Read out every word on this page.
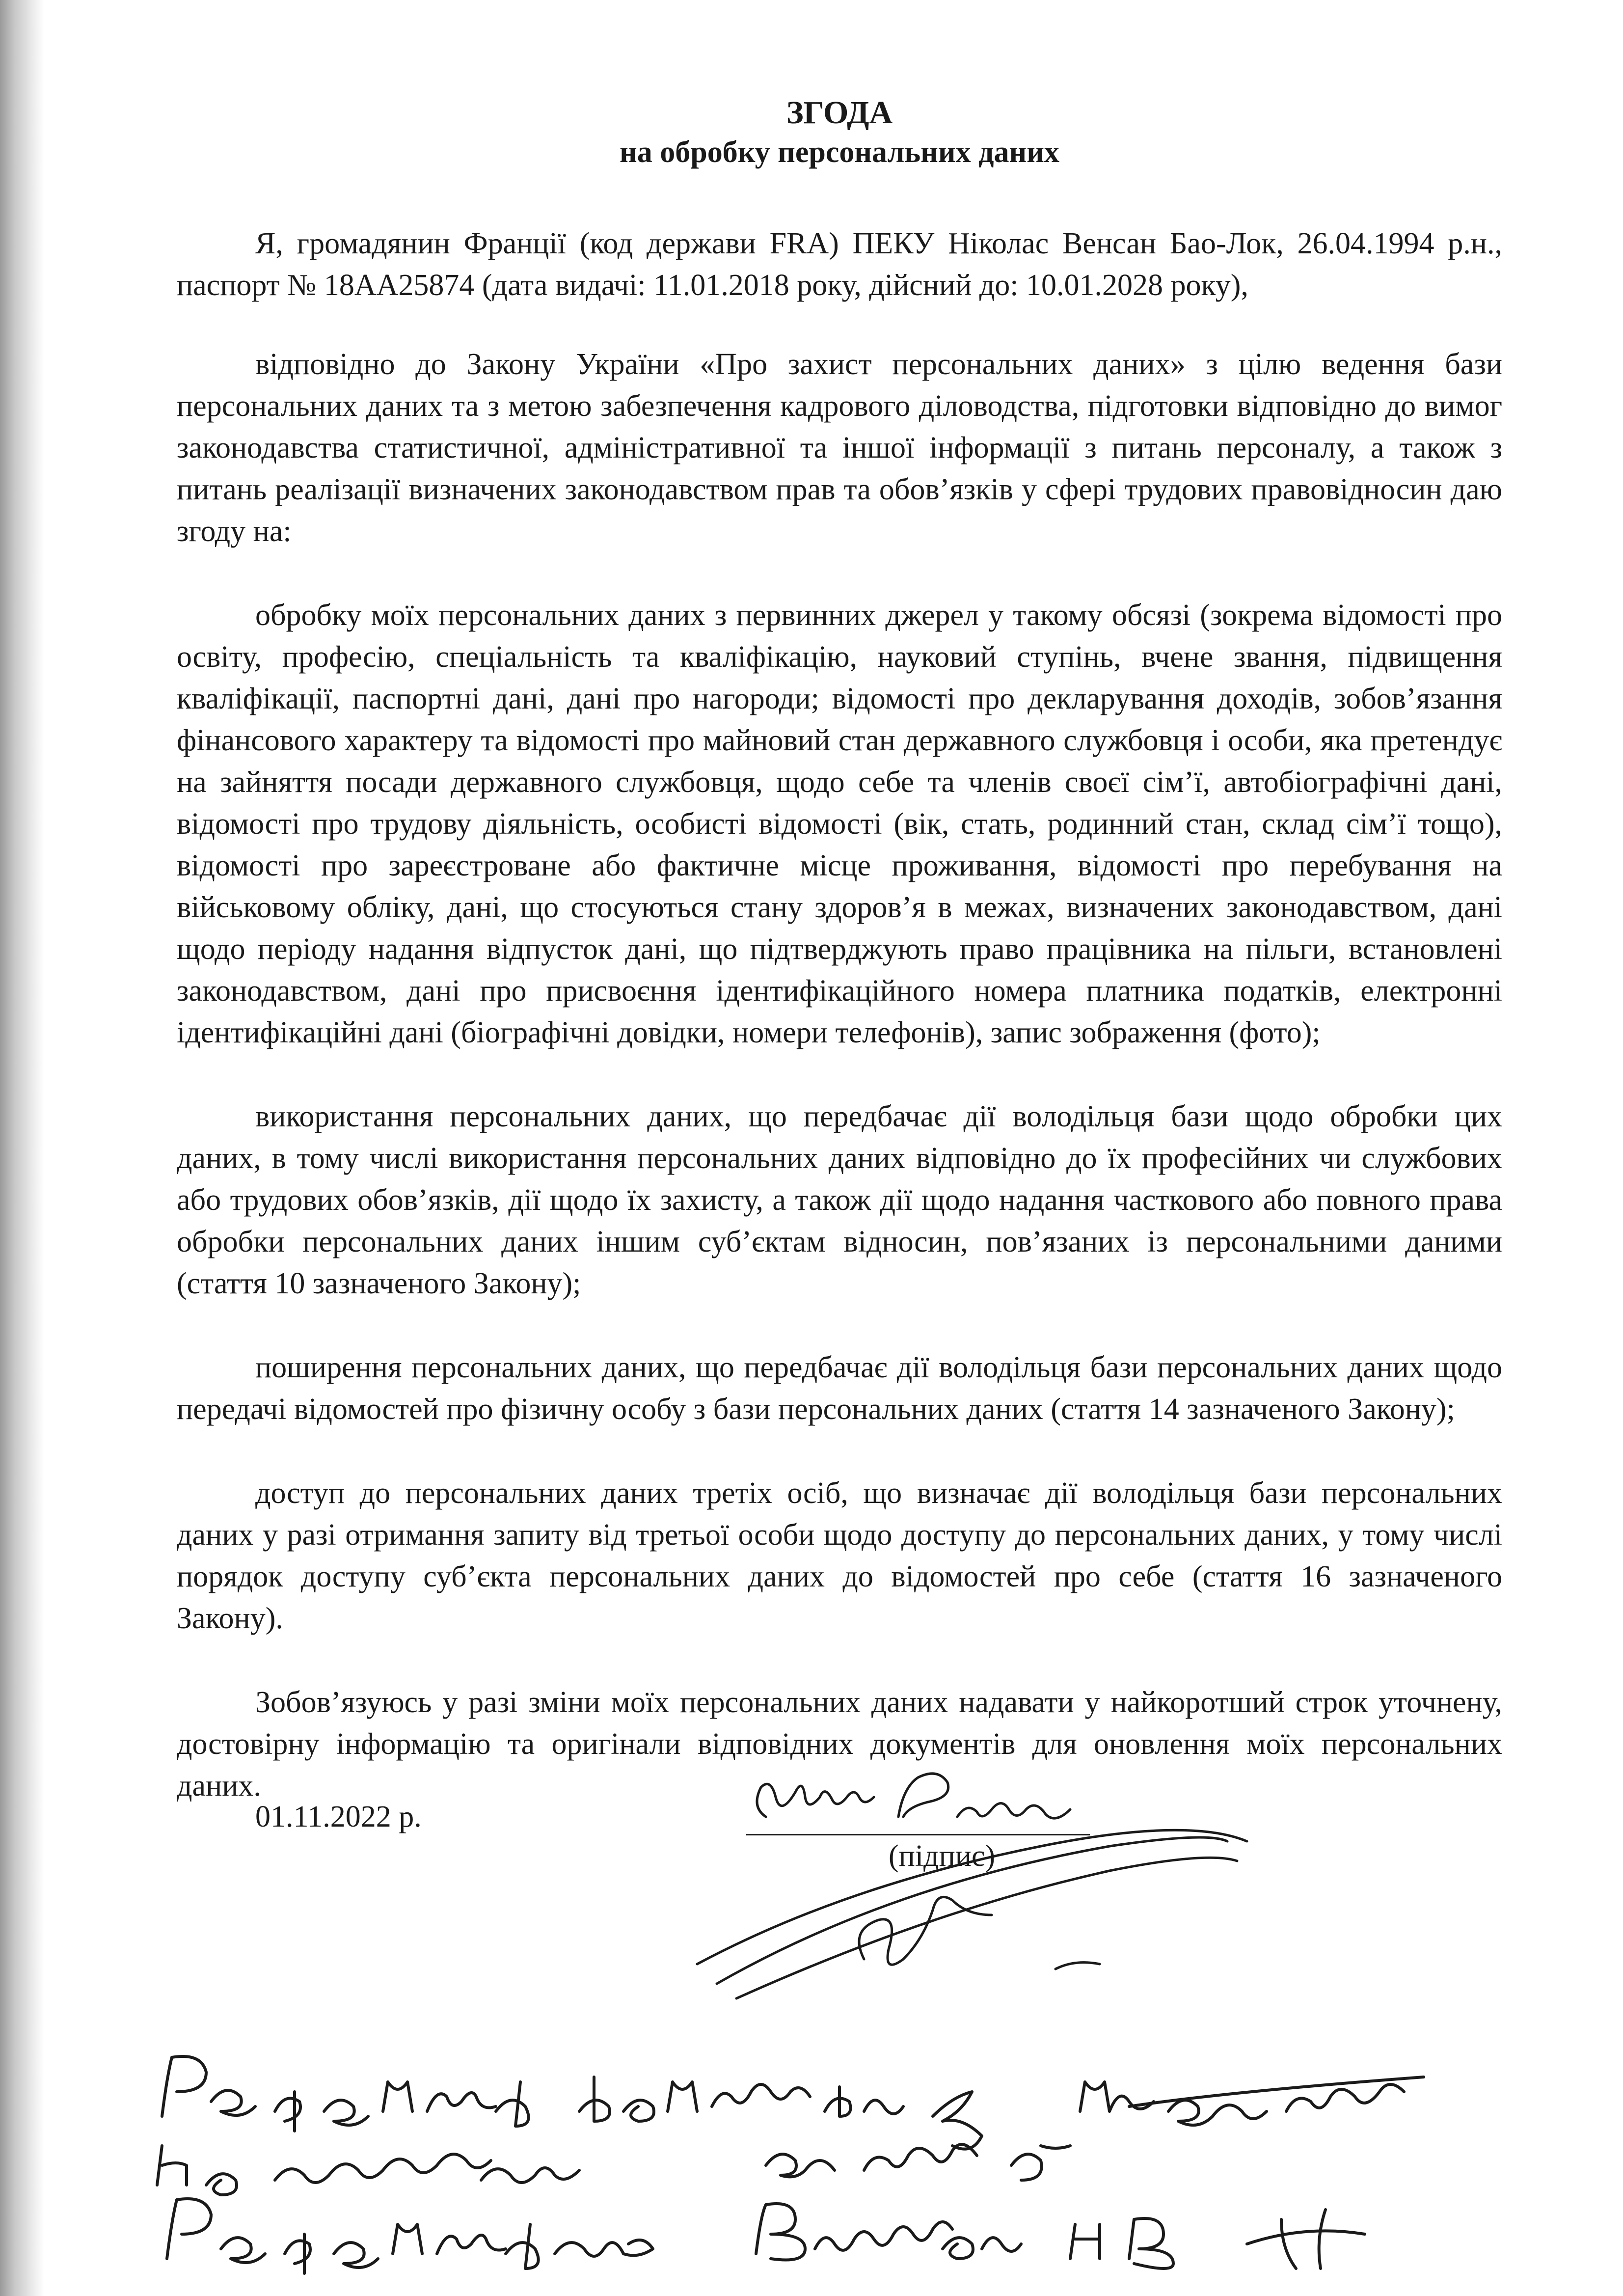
ЗГОДА

на обробку персональних даних

Я, громадянин Франції (код держави FRA) ПЕКУ Ніколас Венсан Бао-Лок, 26.04.1994 р.н., паспорт № 18АА25874 (дата видачі: 11.01.2018 року, дійсний до: 10.01.2028 року),

відповідно до Закону України «Про захист персональних даних» з цілю ведення бази персональних даних та з метою забезпечення кадрового діловодства, підготовки відповідно до вимог законодавства статистичної, адміністративної та іншої інформації з питань персоналу, а також з питань реалізації визначених законодавством прав та обов’язків у сфері трудових правовідносин даю згоду на:

обробку моїх персональних даних з первинних джерел у такому обсязі (зокрема відомості про освіту, професію, спеціальність та кваліфікацію, науковий ступінь, вчене звання, підвищення кваліфікації, паспортні дані, дані про нагороди; відомості про декларування доходів, зобов’язання фінансового характеру та відомості про майновий стан державного службовця і особи, яка претендує на зайняття посади державного службовця, щодо себе та членів своєї сім’ї, автобіографічні дані, відомості про трудову діяльність, особисті відомості (вік, стать, родинний стан, склад сім’ї тощо), відомості про зареєстроване або фактичне місце проживання, відомості про перебування на військовому обліку, дані, що стосуються стану здоров’я в межах, визначених законодавством, дані щодо періоду надання відпусток дані, що підтверджують право працівника на пільги, встановлені законодавством, дані про присвоєння ідентифікаційного номера платника податків, електронні ідентифікаційні дані (біографічні довідки, номери телефонів), запис зображення (фото);

використання персональних даних, що передбачає дії володільця бази щодо обробки цих даних, в тому числі використання персональних даних відповідно до їх професійних чи службових або трудових обов’язків, дії щодо їх захисту, а також дії щодо надання часткового або повного права обробки персональних даних іншим суб’єктам відносин, пов’язаних із персональними даними (стаття 10 зазначеного Закону);

поширення персональних даних, що передбачає дії володільця бази персональних даних щодо передачі відомостей про фізичну особу з бази персональних даних (стаття 14 зазначеного Закону);

доступ до персональних даних третіх осіб, що визначає дії володільця бази персональних даних у разі отримання запиту від третьої особи щодо доступу до персональних даних, у тому числі порядок доступу суб’єкта персональних даних до відомостей про себе (стаття 16 зазначеного Закону).

Зобов’язуюсь у разі зміни моїх персональних даних надавати у найкоротший строк уточнену, достовірну інформацію та оригінали відповідних документів для оновлення моїх персональних даних.

01.11.2022 р.
(підпис)
